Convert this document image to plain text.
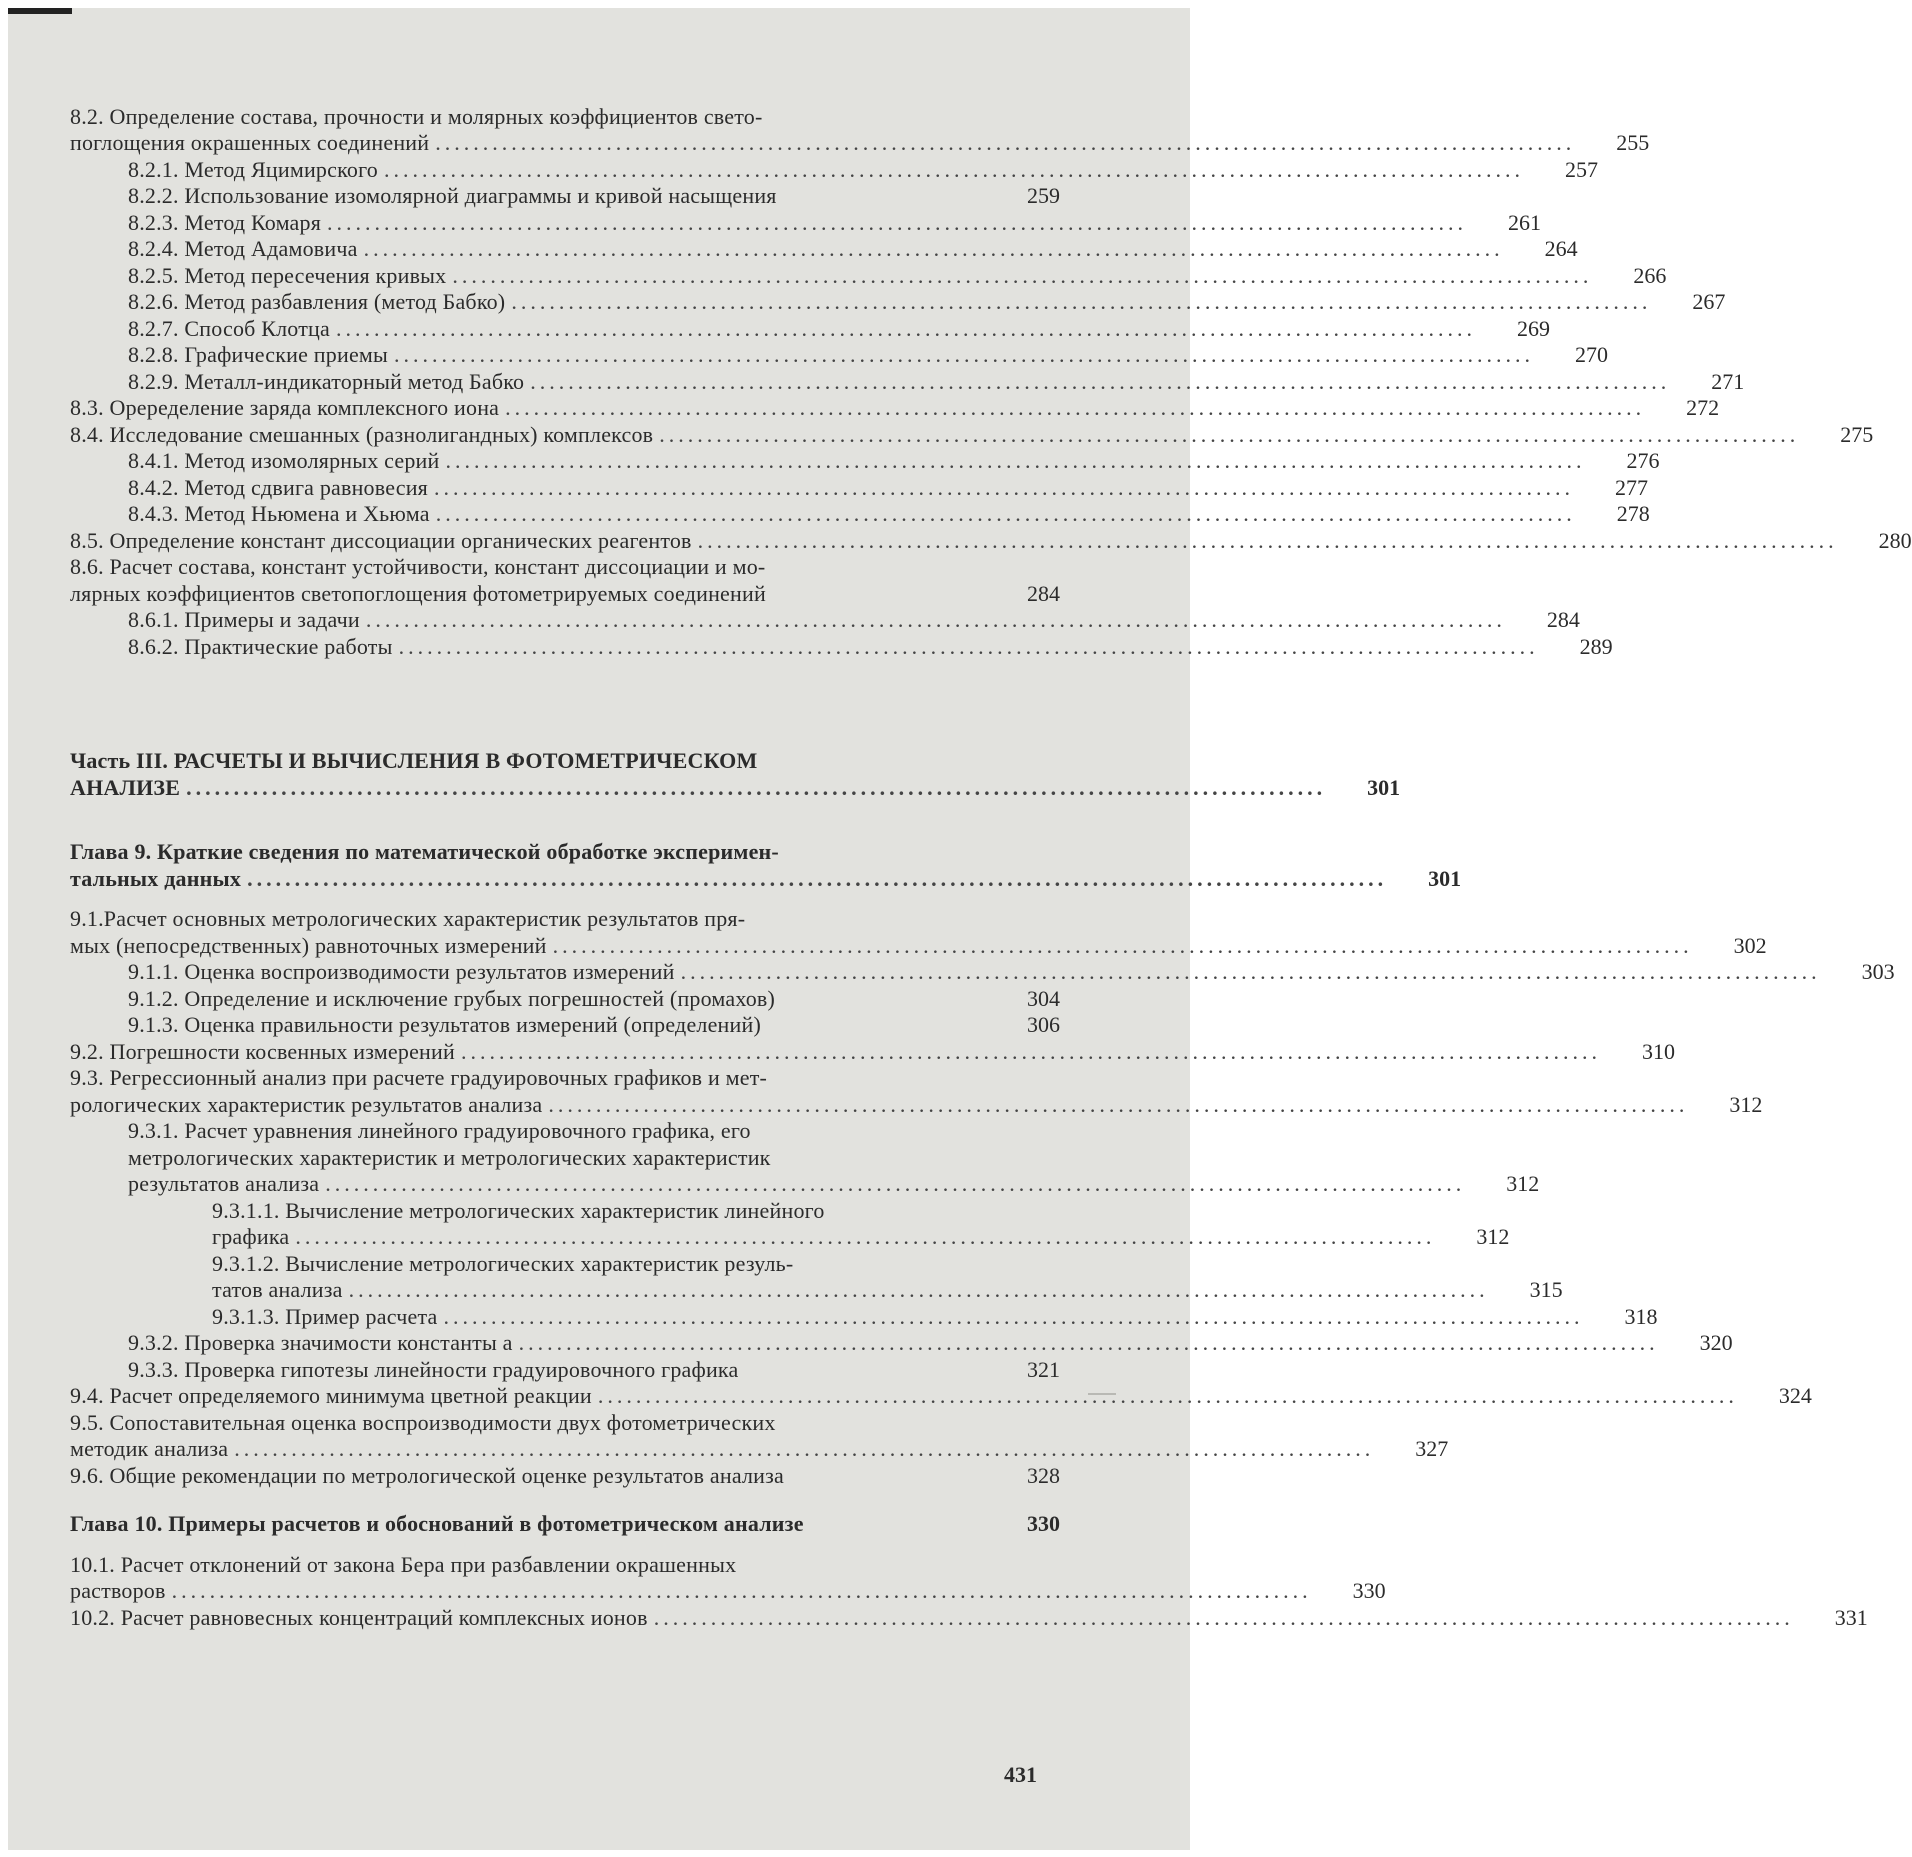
8.2. Определение состава, прочности и молярных коэффициентов свето-
поглощения окрашенных соединений ........................................................................................................................	255
8.2.1. Метод Яцимирского ........................................................................................................................	257
8.2.2. Использование изомолярной диаграммы и кривой насыщения	259
8.2.3. Метод Комаря ........................................................................................................................	261
8.2.4. Метод Адамовича ........................................................................................................................	264
8.2.5. Метод пересечения кривых ........................................................................................................................	266
8.2.6. Метод разбавления (метод Бабко) ........................................................................................................................	267
8.2.7. Способ Клотца ........................................................................................................................	269
8.2.8. Графические приемы ........................................................................................................................	270
8.2.9. Металл-индикаторный метод Бабко ........................................................................................................................	271
8.3. Ореределение заряда комплексного иона ........................................................................................................................	272
8.4. Исследование смешанных (разнолигандных) комплексов ........................................................................................................................	275
8.4.1. Метод изомолярных серий ........................................................................................................................	276
8.4.2. Метод сдвига равновесия ........................................................................................................................	277
8.4.3. Метод Ньюмена и Хьюма ........................................................................................................................	278
8.5. Определение констант диссоциации органических реагентов ........................................................................................................................	280
8.6. Расчет состава, констант устойчивости, констант диссоциации и мо-
лярных коэффициентов светопоглощения фотометрируемых соединений	284
8.6.1. Примеры и задачи ........................................................................................................................	284
8.6.2. Практические работы ........................................................................................................................	289
Часть III. РАСЧЕТЫ И ВЫЧИСЛЕНИЯ В ФОТОМЕТРИЧЕСКОМ
АНАЛИЗЕ ........................................................................................................................	301
Глава 9. Краткие сведения по математической обработке эксперимен-
тальных данных ........................................................................................................................	301
9.1.Расчет основных метрологических характеристик результатов пря-
мых (непосредственных) равноточных измерений ........................................................................................................................	302
9.1.1. Оценка воспроизводимости результатов измерений ........................................................................................................................	303
9.1.2. Определение и исключение грубых погрешностей (промахов)	304
9.1.3. Оценка правильности результатов измерений (определений)	306
9.2. Погрешности косвенных измерений ........................................................................................................................	310
9.3. Регрессионный анализ при расчете градуировочных графиков и мет-
рологических характеристик результатов анализа ........................................................................................................................	312
9.3.1. Расчет уравнения линейного градуировочного графика, его
метрологических характеристик и метрологических характеристик
результатов анализа ........................................................................................................................	312
9.3.1.1. Вычисление метрологических характеристик линейного
графика ........................................................................................................................	312
9.3.1.2. Вычисление метрологических характеристик резуль-
татов анализа ........................................................................................................................	315
9.3.1.3. Пример расчета ........................................................................................................................	318
9.3.2. Проверка значимости константы a ........................................................................................................................	320
9.3.3. Проверка гипотезы линейности градуировочного графика	321
9.4. Расчет определяемого минимума цветной реакции ........................................................................................................................	324
9.5. Сопоставительная оценка воспроизводимости двух фотометрических
методик анализа ........................................................................................................................	327
9.6. Общие рекомендации по метрологической оценке результатов анализа	328
Глава 10. Примеры расчетов и обоснований в фотометрическом анализе	330
10.1. Расчет отклонений от закона Бера при разбавлении окрашенных
растворов ........................................................................................................................	330
10.2. Расчет равновесных концентраций комплексных ионов ........................................................................................................................	331
431
